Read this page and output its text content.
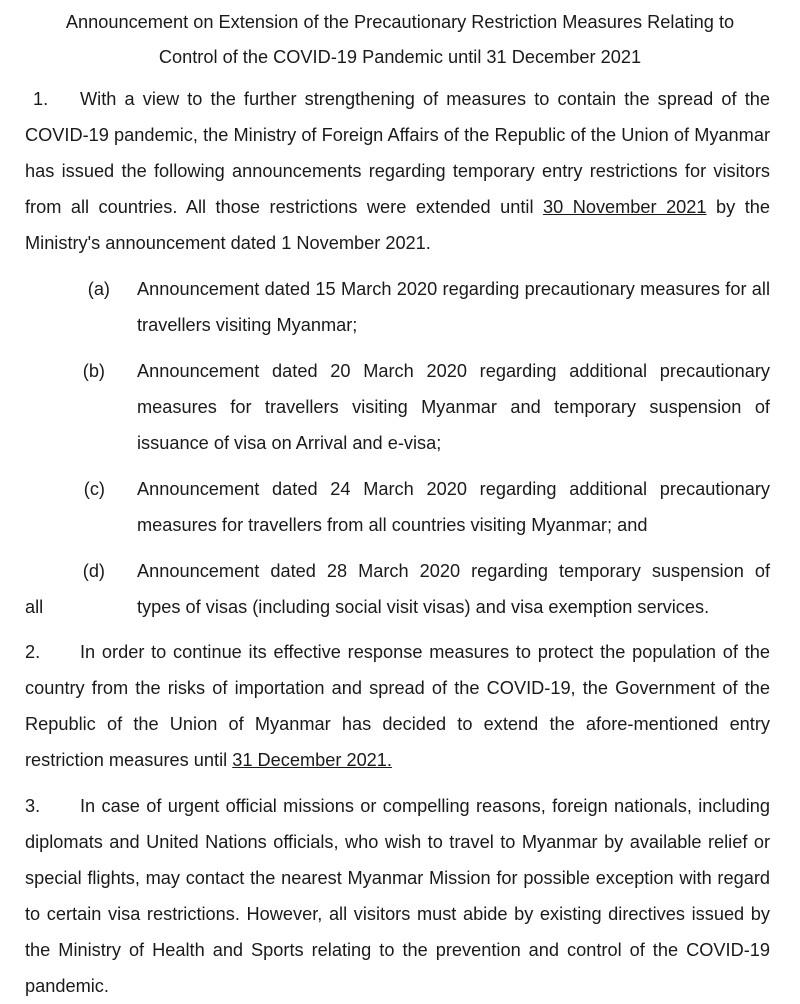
Announcement on Extension of the Precautionary Restriction Measures Relating to
Control of the COVID-19 Pandemic until 31 December 2021
1. With a view to the further strengthening of measures to contain the spread of the COVID-19 pandemic, the Ministry of Foreign Affairs of the Republic of the Union of Myanmar has issued the following announcements regarding temporary entry restrictions for visitors from all countries. All those restrictions were extended until 30 November 2021 by the Ministry's announcement dated 1 November 2021.
(a) Announcement dated 15 March 2020 regarding precautionary measures for all travellers visiting Myanmar;
(b) Announcement dated 20 March 2020 regarding additional precautionary measures for travellers visiting Myanmar and temporary suspension of issuance of visa on Arrival and e-visa;
(c) Announcement dated 24 March 2020 regarding additional precautionary measures for travellers from all countries visiting Myanmar; and
(d) Announcement dated 28 March 2020 regarding temporary suspension of types of visas (including social visit visas) and visa exemption services.
all
2. In order to continue its effective response measures to protect the population of the country from the risks of importation and spread of the COVID-19, the Government of the Republic of the Union of Myanmar has decided to extend the afore-mentioned entry restriction measures until 31 December 2021.
3. In case of urgent official missions or compelling reasons, foreign nationals, including diplomats and United Nations officials, who wish to travel to Myanmar by available relief or special flights, may contact the nearest Myanmar Mission for possible exception with regard to certain visa restrictions. However, all visitors must abide by existing directives issued by the Ministry of Health and Sports relating to the prevention and control of the COVID-19 pandemic.
